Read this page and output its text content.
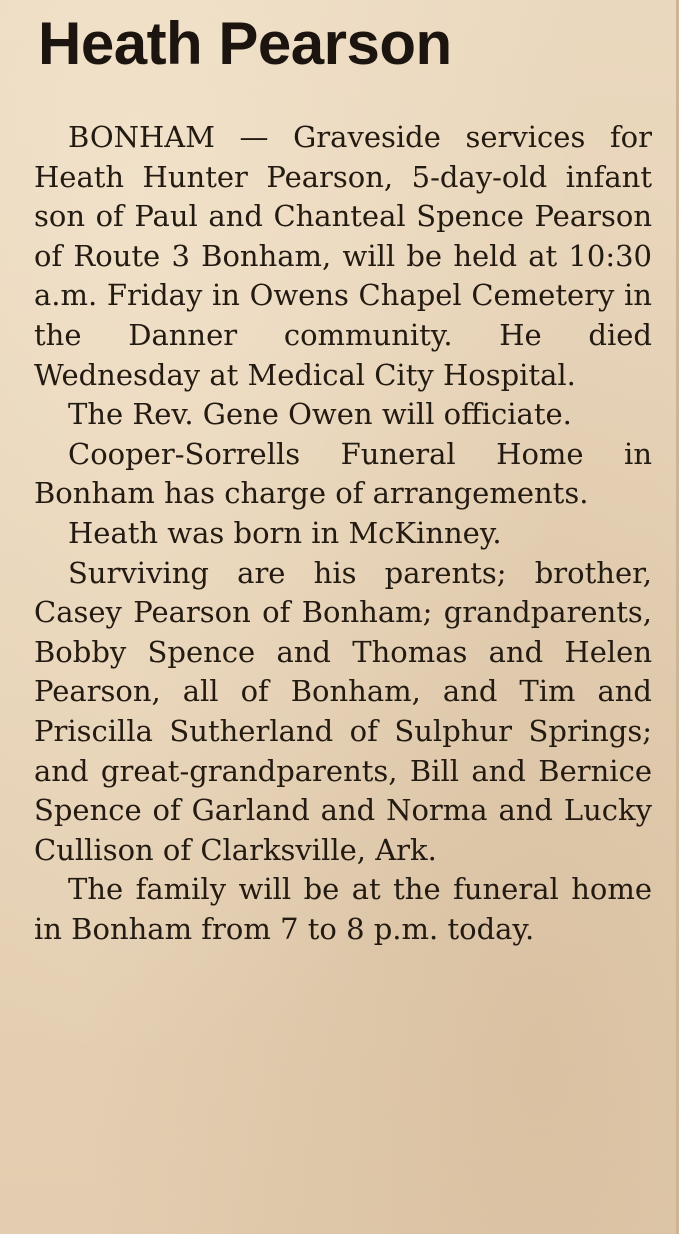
Heath Pearson

BONHAM — Graveside services for Heath Hunter Pearson, 5-day-old infant son of Paul and Chanteal Spence Pearson of Route 3 Bonham, will be held at 10:30 a.m. Friday in Owens Chapel Cemetery in the Danner community. He died Wednesday at Medical City Hospital.

The Rev. Gene Owen will officiate.

Cooper-Sorrells Funeral Home in Bonham has charge of arrangements.

Heath was born in McKinney.

Surviving are his parents; brother, Casey Pearson of Bonham; grandparents, Bobby Spence and Thomas and Helen Pearson, all of Bonham, and Tim and Priscilla Sutherland of Sulphur Springs; and great-grandparents, Bill and Bernice Spence of Garland and Norma and Lucky Cullison of Clarksville, Ark.

The family will be at the funeral home in Bonham from 7 to 8 p.m. today.
